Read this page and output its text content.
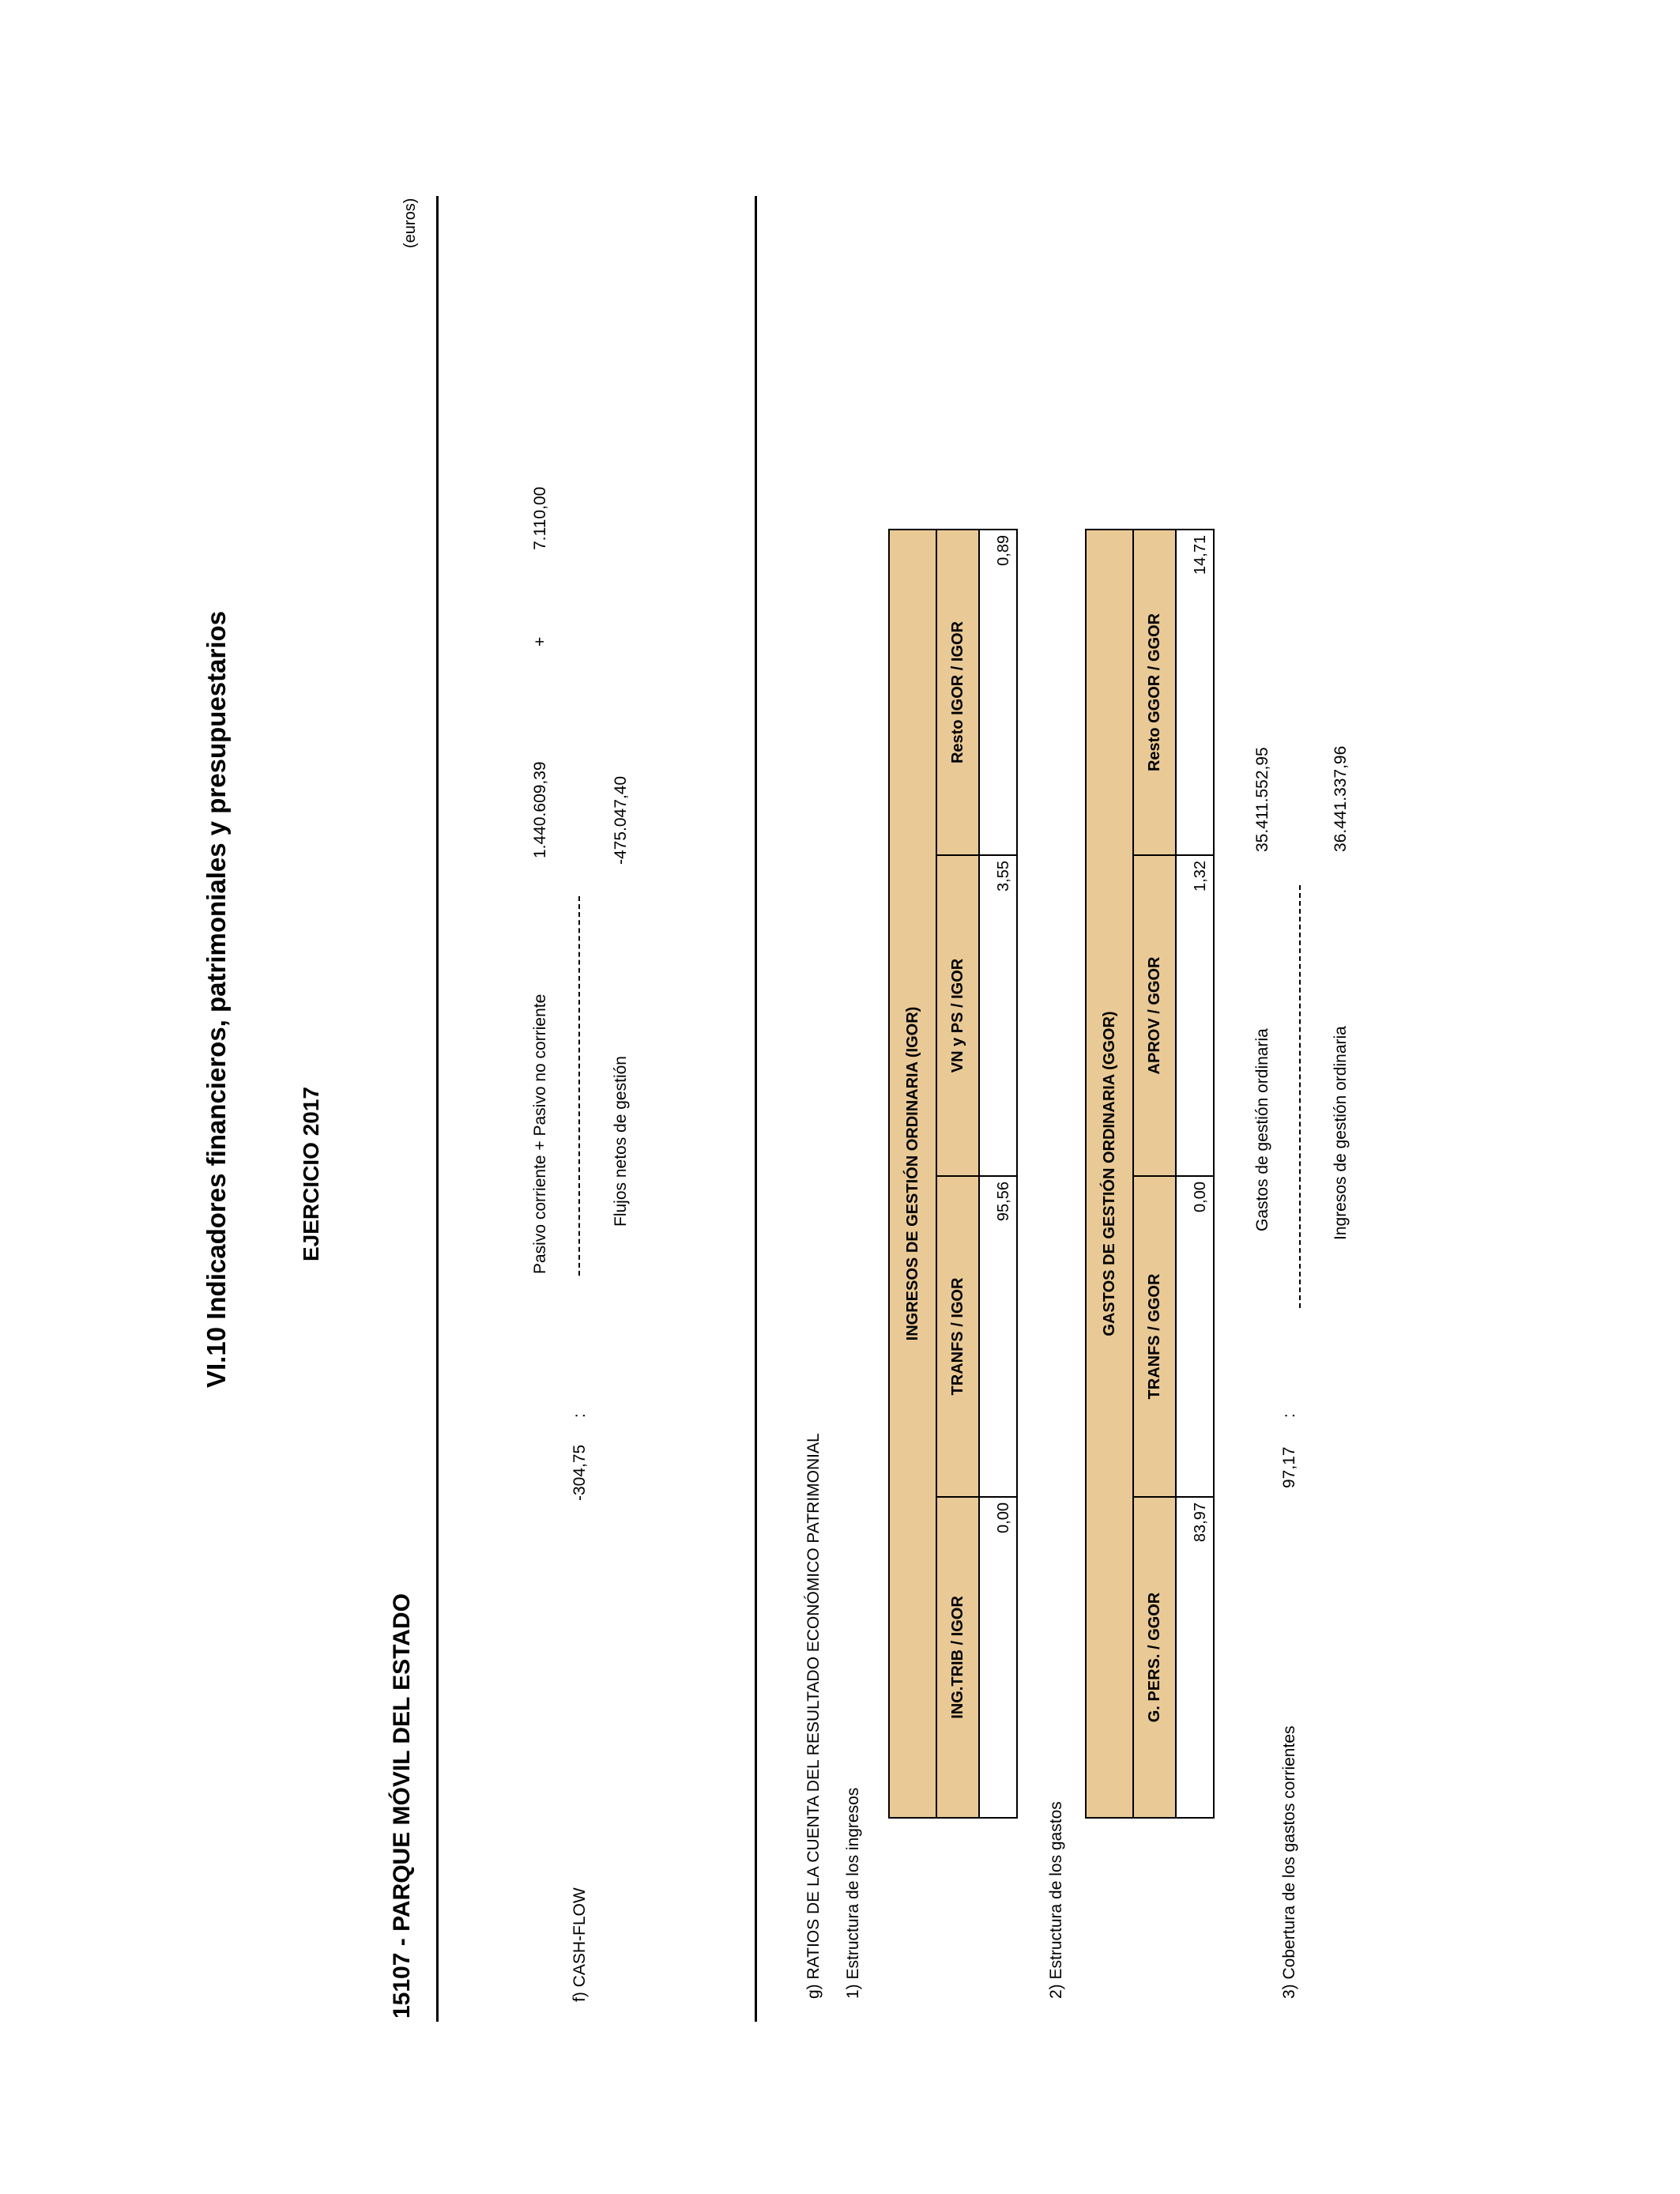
VI.10 Indicadores financieros, patrimoniales y presupuestarios	EJERCICIO 2017
15107 - PARQUE MÓVIL DEL ESTADO
(euros)
f) CASH-FLOW
-304,75
:
Pasivo corriente + Pasivo no corriente
1.440.609,39
+
7.110,00
Flujos netos de gestión
-475.047,40
g) RATIOS DE LA CUENTA DEL RESULTADO ECONÓMICO PATRIMONIAL 1) Estructura de los ingresos
INGRESOS DE GESTIÓN ORDINARIA (IGOR)
ING.TRIB / IGOR
TRANFS / IGOR
VN y PS / IGOR
Resto IGOR / IGOR
0,00
95,56
3,55
0,89
2) Estructura de los gastos
GASTOS DE GESTIÓN ORDINARIA (GGOR)
G. PERS. / GGOR
TRANFS / GGOR
APROV / GGOR
Resto GGOR / GGOR
83,97
0,00
1,32
14,71
3) Cobertura de los gastos corrientes
97,17
:
Gastos de gestión ordinaria
35.411.552,95
Ingresos de gestión ordinaria
36.441.337,96
